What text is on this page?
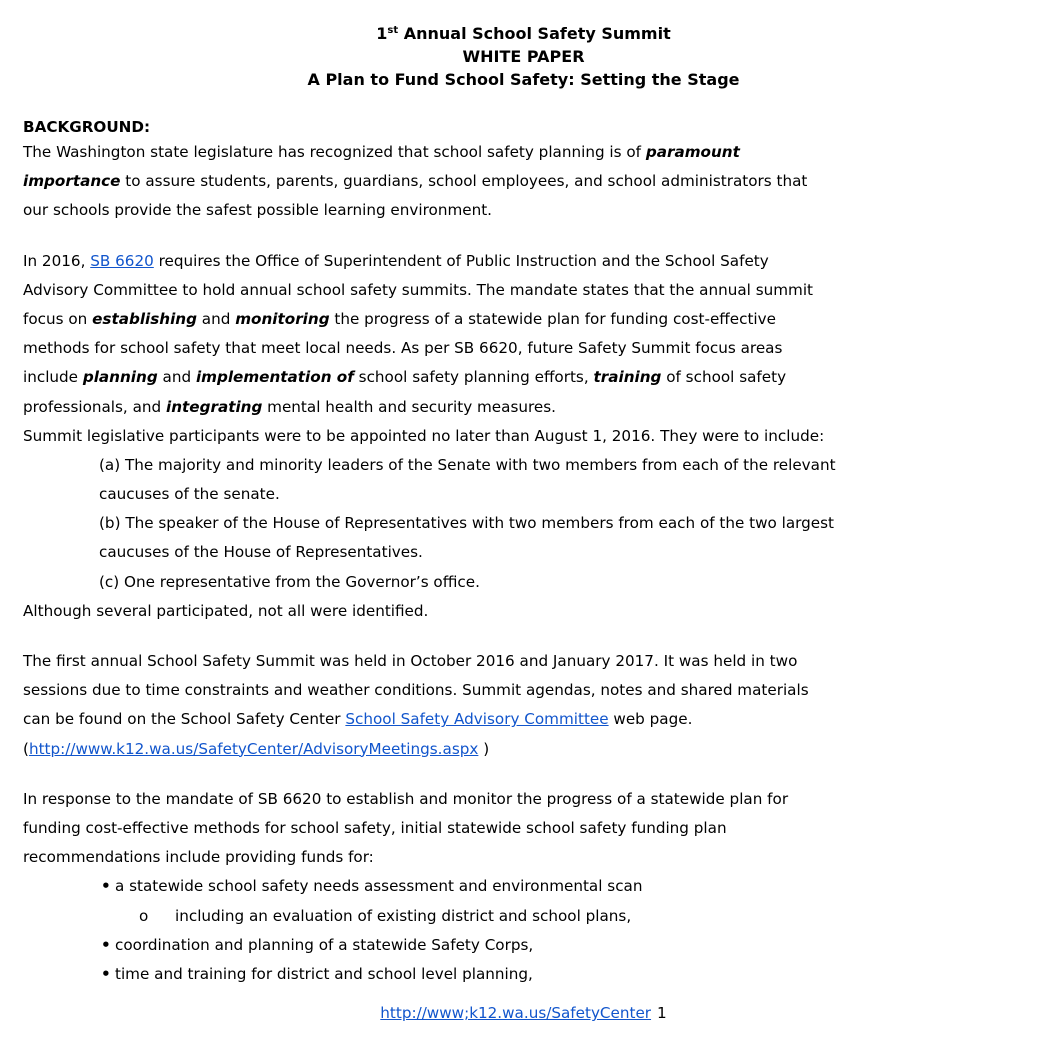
1st Annual School Safety Summit
WHITE PAPER
A Plan to Fund School Safety: Setting the Stage
BACKGROUND:
The Washington state legislature has recognized that school safety planning is of paramount
importance to assure students, parents, guardians, school employees, and school administrators that
our schools provide the safest possible learning environment.
In 2016, SB 6620 requires the Office of Superintendent of Public Instruction and the School Safety
Advisory Committee to hold annual school safety summits. The mandate states that the annual summit
focus on establishing and monitoring the progress of a statewide plan for funding cost-effective
methods for school safety that meet local needs. As per SB 6620, future Safety Summit focus areas
include planning and implementation of school safety planning efforts, training of school safety
professionals, and integrating mental health and security measures.
Summit legislative participants were to be appointed no later than August 1, 2016. They were to include:
(a) The majority and minority leaders of the Senate with two members from each of the relevant
caucuses of the senate.
(b) The speaker of the House of Representatives with two members from each of the two largest
caucuses of the House of Representatives.
(c) One representative from the Governor’s office.
Although several participated, not all were identified.
The first annual School Safety Summit was held in October 2016 and January 2017. It was held in two
sessions due to time constraints and weather conditions. Summit agendas, notes and shared materials
can be found on the School Safety Center School Safety Advisory Committee web page.
(http://www.k12.wa.us/SafetyCenter/AdvisoryMeetings.aspx )
In response to the mandate of SB 6620 to establish and monitor the progress of a statewide plan for
funding cost-effective methods for school safety, initial statewide school safety funding plan
recommendations include providing funds for:
• a statewide school safety needs assessment and environmental scan
o including an evaluation of existing district and school plans,
• coordination and planning of a statewide Safety Corps,
• time and training for district and school level planning,
http://www;k12.wa.us/SafetyCenter 1
